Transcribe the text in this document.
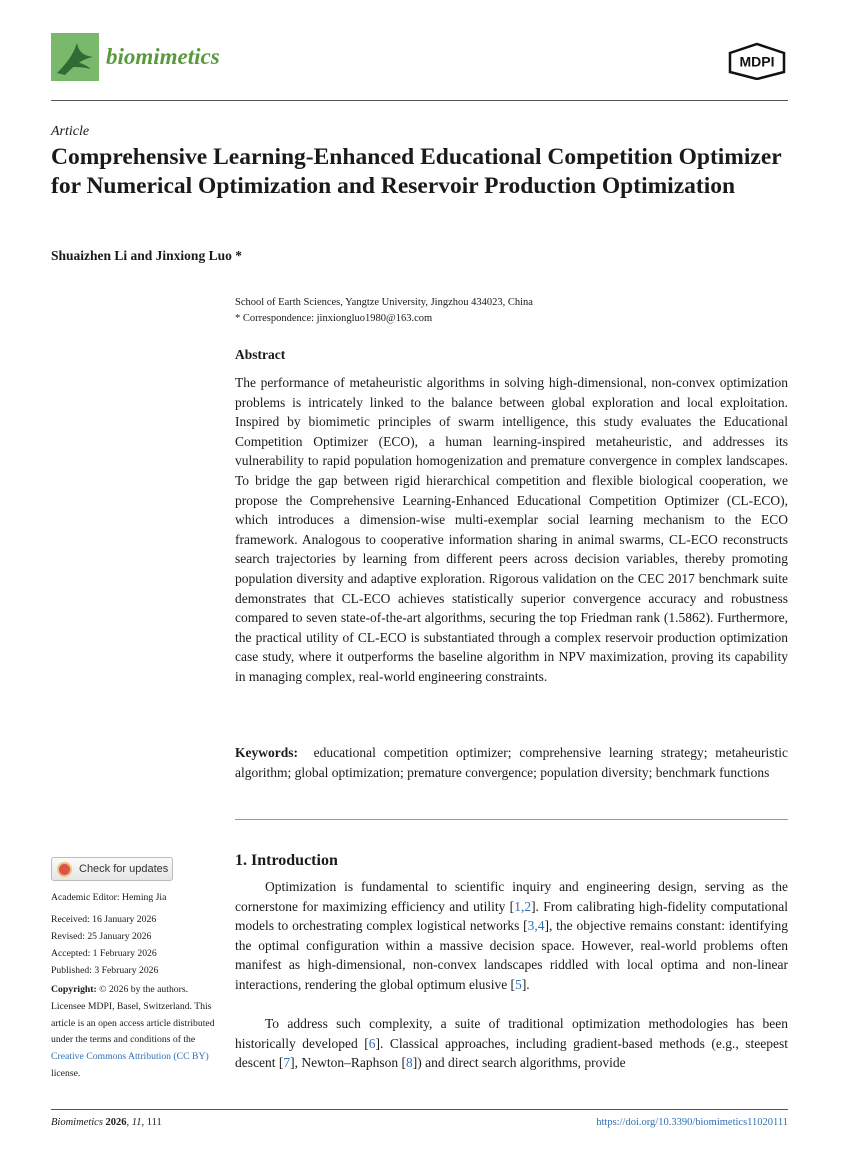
biomimetics	MDPI
Article
Comprehensive Learning-Enhanced Educational Competition Optimizer for Numerical Optimization and Reservoir Production Optimization
Shuaizhen Li and Jinxiong Luo *
School of Earth Sciences, Yangtze University, Jingzhou 434023, China
* Correspondence: jinxiongluo1980@163.com
Abstract

The performance of metaheuristic algorithms in solving high-dimensional, non-convex optimization problems is intricately linked to the balance between global exploration and local exploitation. Inspired by biomimetic principles of swarm intelligence, this study evaluates the Educational Competition Optimizer (ECO), a human learning-inspired metaheuristic, and addresses its vulnerability to rapid population homogenization and premature convergence in complex landscapes. To bridge the gap between rigid hierarchical competition and flexible biological cooperation, we propose the Comprehensive Learning-Enhanced Educational Competition Optimizer (CL-ECO), which introduces a dimension-wise multi-exemplar social learning mechanism to the ECO framework. Analogous to cooperative information sharing in animal swarms, CL-ECO reconstructs search trajectories by learning from different peers across decision variables, thereby promoting population diversity and adaptive exploration. Rigorous validation on the CEC 2017 benchmark suite demonstrates that CL-ECO achieves statistically superior convergence accuracy and robustness compared to seven state-of-the-art algorithms, securing the top Friedman rank (1.5862). Furthermore, the practical utility of CL-ECO is substantiated through a complex reservoir production optimization case study, where it outperforms the baseline algorithm in NPV maximization, proving its capability in managing complex, real-world engineering constraints.

Keywords: educational competition optimizer; comprehensive learning strategy; metaheuristic algorithm; global optimization; premature convergence; population diversity; benchmark functions

Check for updates
Academic Editor: Heming Jia
Received: 16 January 2026
Revised: 25 January 2026
Accepted: 1 February 2026
Published: 3 February 2026
Copyright: © 2026 by the authors. Licensee MDPI, Basel, Switzerland. This article is an open access article distributed under the terms and conditions of the Creative Commons Attribution (CC BY) license.
1. Introduction

Optimization is fundamental to scientific inquiry and engineering design, serving as the cornerstone for maximizing efficiency and utility [1,2]. From calibrating high-fidelity computational models to orchestrating complex logistical networks [3,4], the objective remains constant: identifying the optimal configuration within a massive decision space. However, real-world problems often manifest as high-dimensional, non-convex landscapes riddled with local optima and non-linear interactions, rendering the global optimum elusive [5].

To address such complexity, a suite of traditional optimization methodologies has been historically developed [6]. Classical approaches, including gradient-based methods (e.g., steepest descent [7], Newton–Raphson [8]) and direct search algorithms, provide

Biomimetics 2026, 11, 111	https://doi.org/10.3390/biomimetics11020111
